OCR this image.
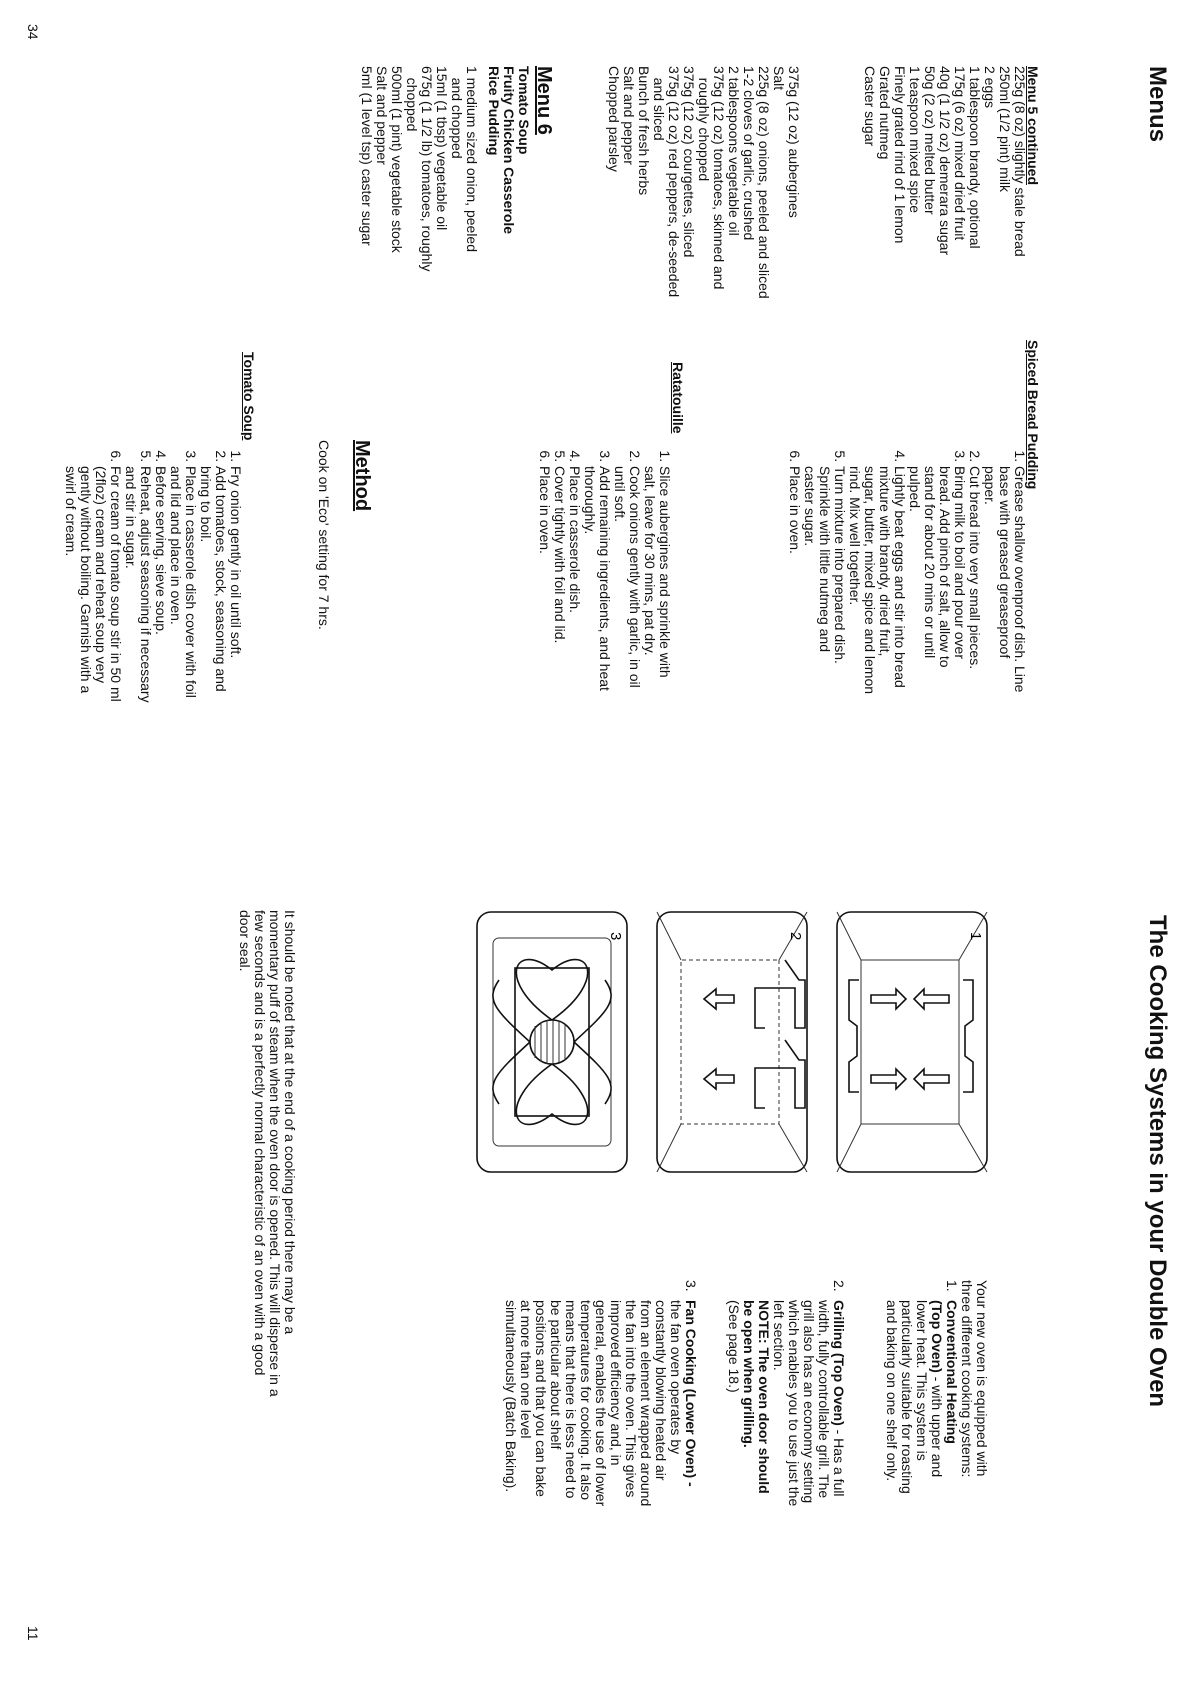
Menus
Menu 5 continued
225g (8 oz) slightly stale bread
250ml (1/2 pint) milk
2 eggs
1 tablespoon brandy, optional
175g (6 oz) mixed dried fruit
40g (1 1/2 oz) demerara sugar
50g (2 oz) melted butter
1 teaspoon mixed spice
Finely grated rind of 1 lemon
Grated nutmeg
Caster sugar
375g (12 oz) aubergines
Salt
225g (8 oz) onions, peeled and sliced
1-2 cloves of garlic, crushed
2 tablespoons vegetable oil
375g (12 oz) tomatoes, skinned and
roughly chopped
375g (12 oz) courgettes, sliced
375g (12 oz) red peppers, de-seeded
and sliced
Bunch of fresh herbs
Salt and pepper
Chopped parsley
Menu 6
Tomato Soup
Fruity Chicken Casserole
Rice Pudding
1 medium sized onion, peeled
and chopped
15ml (1 tbsp) vegetable oil
675g (1 1/2 lb) tomatoes, roughly
chopped
500ml (1 pint) vegetable stock
Salt and pepper
5ml (1 level tsp) caster sugar
Spiced Bread Pudding
1. Grease shallow ovenproof dish. Line
base with greased greaseproof
paper.
2. Cut bread into very small pieces.
3. Bring milk to boil and pour over
bread. Add pinch of salt, allow to
stand for about 20 mins or until
pulped.
4. Lightly beat eggs and stir into bread
mixture with brandy, dried fruit,
sugar, butter, mixed spice and lemon
rind. Mix well together.
5. Turn mixture into prepared dish.
Sprinkle with little nutmeg and
caster sugar.
6. Place in oven.
Ratatouille
1. Slice aubergines and sprinkle with
salt, leave for 30 mins, pat dry.
2. Cook onions gently with garlic, in oil
until soft.
3. Add remaining ingredients, and heat
thoroughly.
4. Place in casserole dish.
5. Cover tightly with foil and lid.
6. Place in oven.
Method
Cook on 'Eco' setting for 7 hrs.
Tomato Soup
1. Fry onion gently in oil until soft.
2. Add tomatoes, stock, seasoning and
bring to boil.
3. Place in casserole dish cover with foil
and lid and place in oven.
4. Before serving, sieve soup.
5. Reheat, adjust seasoning if necessary
and stir in sugar.
6. For cream of tomato soup stir in 50 ml
(2floz) cream and reheat soup very
gently without boiling. Garnish with a
swirl of cream.
34
The Cooking Systems in your Double Oven
1
2
3
Your new oven is equipped with
three different cooking systems:
1.
Conventional Heating
(Top Oven) - with upper and
lower heat. This system is
particularly suitable for roasting
and baking on one shelf only.
2.
Grilling (Top Oven) - Has a full
width, fully controllable grill. The
grill also has an economy setting
which enables you to use just the
left section.
NOTE: The oven door should
be open when grilling.
(See page 18.)
3.
Fan Cooking (Lower Oven) -
the fan oven operates by
constantly blowing heated air
from an element wrapped around
the fan into the oven. This gives
improved efficiency and, in
general, enables the use of lower
temperatures for cooking. It also
means that there is less need to
be particular about shelf
positions and that you can bake
at more than one level
simultaneously (Batch Baking).
It should be noted that at the end of a cooking period there may be a
momentary puff of steam when the oven door is opened. This will disperse in a
few seconds and is a perfectly normal characteristic of an oven with a good
door seal.
11
